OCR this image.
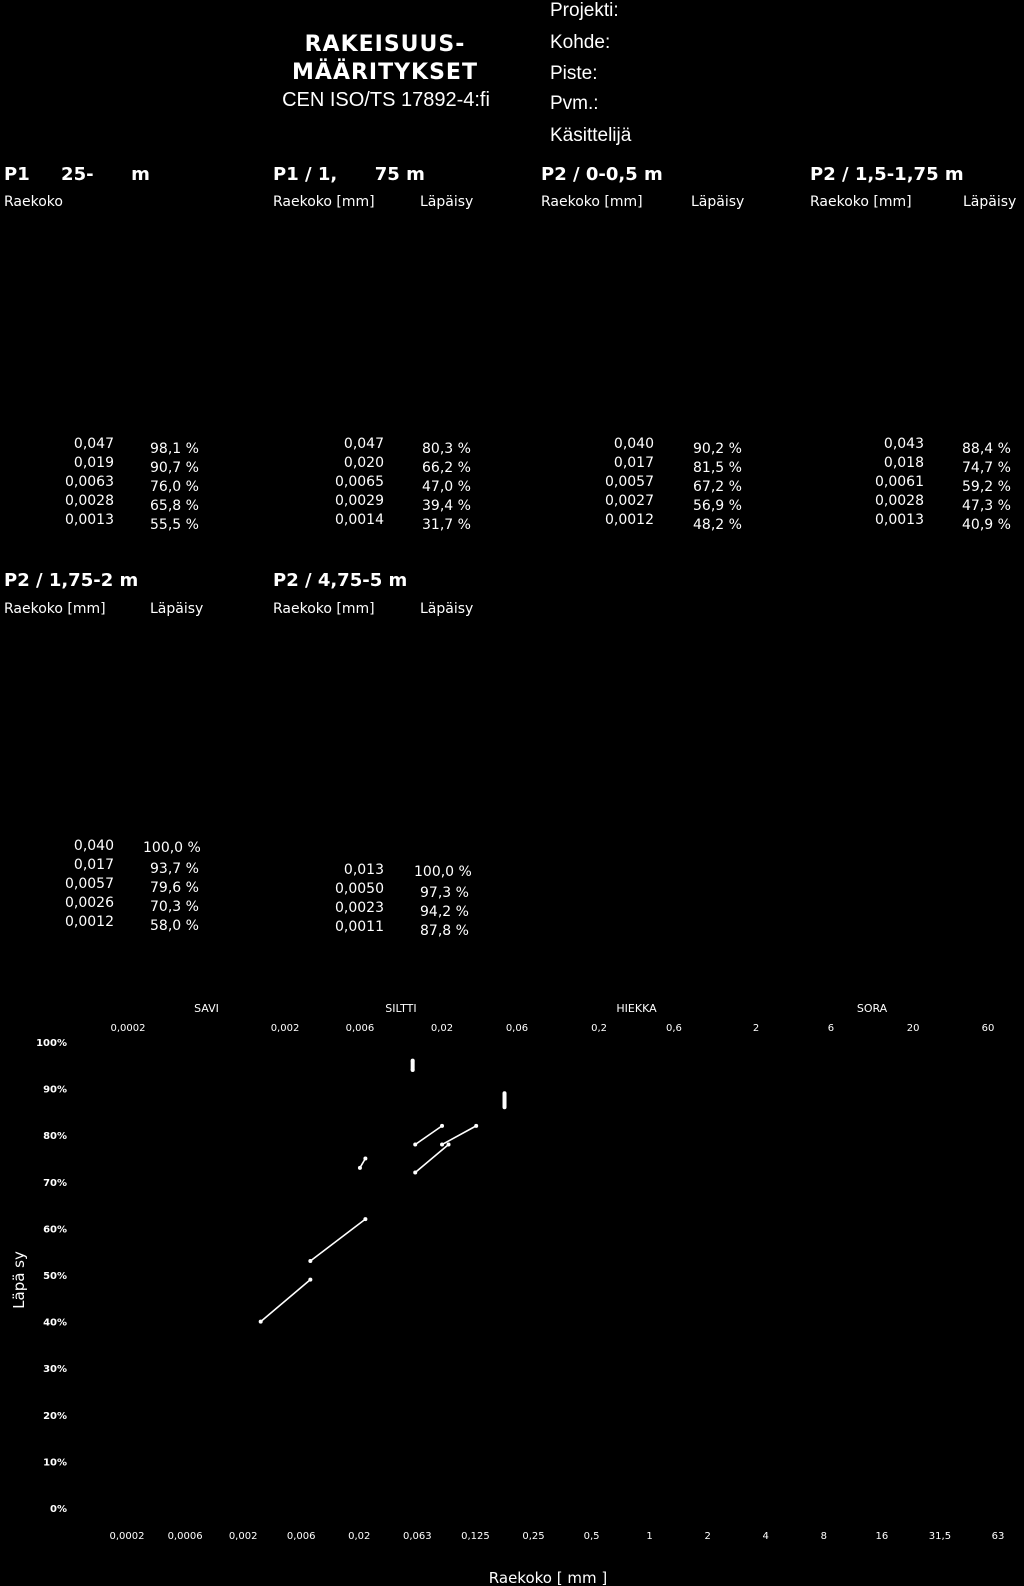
RAKEISUUS-
MÄÄRITYKSET
CEN ISO/TS 17892-4:fi
Projekti:
Kohde:
Piste:
Pvm.:
Käsittelijä
P1     25-      m
Raekoko
P1 / 1,      75 m
Raekoko [mm]	Läpäisy
P2 / 0-0,5 m
Raekoko [mm]	Läpäisy
P2 / 1,5-1,75 m
Raekoko [mm]	Läpäisy
0,047	98,1 %
0,019	90,7 %
0,0063	76,0 %
0,0028	65,8 %
0,0013	55,5 %
0,047	80,3 %
0,020	66,2 %
0,0065	47,0 %
0,0029	39,4 %
0,0014	31,7 %
0,040	90,2 %
0,017	81,5 %
0,0057	67,2 %
0,0027	56,9 %
0,0012	48,2 %
0,043	88,4 %
0,018	74,7 %
0,0061	59,2 %
0,0028	47,3 %
0,0013	40,9 %
P2 / 1,75-2 m
Raekoko [mm]	Läpäisy
P2 / 4,75-5 m
Raekoko [mm]	Läpäisy
0,040 100,0 %
0,017	93,7 %
0,0057	79,6 %
0,0026	70,3 %
0,0012	58,0 %
0,013 100,0 %
0,0050	97,3 %
0,0023	94,2 %
0,0011	87,8 %
0%
10%
20%
30%
40%
50%
60%
70%
80%
90%
100%
0,0002	0,002	0,006	0,02	0,06	0,2	0,6	2	6	20	60
0,0002 0,0006	0,002	0,006	0,02	0,063	0,125	0,25	0,5	1	2	4	8	16	31,5	63
SAVI	SILTTI	HIEKKA	SORA
Raekoko [ mm ]
Läpä sy
